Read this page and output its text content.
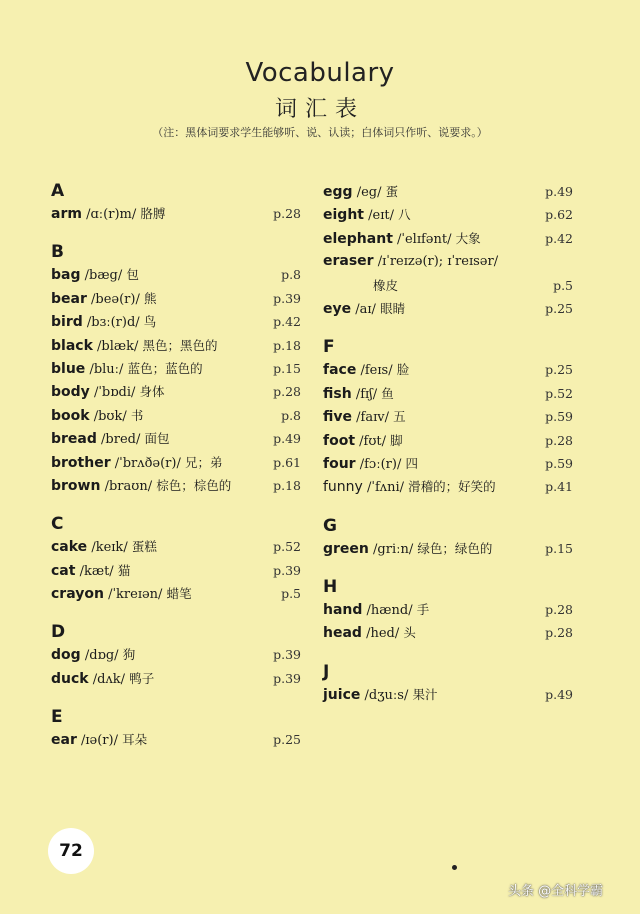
Vocabulary
词汇表
（注：黑体词要求学生能够听、说、认读；白体词只作听、说要求。）
A
arm /ɑː(r)m/ 胳膊	p.28
B
bag /bæg/ 包	p.8
bear /beə(r)/ 熊	p.39
bird /bɜː(r)d/ 鸟	p.42
black /blæk/ 黑色；黑色的	p.18
blue /bluː/ 蓝色；蓝色的	p.15
body /ˈbɒdi/ 身体	p.28
book /bʊk/ 书	p.8
bread /bred/ 面包	p.49
brother /ˈbrʌðə(r)/ 兄；弟	p.61
brown /braʊn/ 棕色；棕色的	p.18
C
cake /keɪk/ 蛋糕	p.52
cat /kæt/ 猫	p.39
crayon /ˈkreɪən/ 蜡笔	p.5
D
dog /dɒg/ 狗	p.39
duck /dʌk/ 鸭子	p.39
E
ear /ɪə(r)/ 耳朵	p.25
egg /eg/ 蛋	p.49
eight /eɪt/ 八	p.62
elephant /ˈelɪfənt/ 大象	p.42
eraser /ɪˈreɪzə(r); ɪˈreɪsər/
橡皮	p.5
eye /aɪ/ 眼睛	p.25
F
face /feɪs/ 脸	p.25
fish /fɪʃ/ 鱼	p.52
five /faɪv/ 五	p.59
foot /fʊt/ 脚	p.28
four /fɔː(r)/ 四	p.59
funny /ˈfʌni/ 滑稽的；好笑的	p.41
G
green /griːn/ 绿色；绿色的	p.15
H
hand /hænd/ 手	p.28
head /hed/ 头	p.28
J
juice /dʒuːs/ 果汁	p.49
72
头条 @全科学霸
